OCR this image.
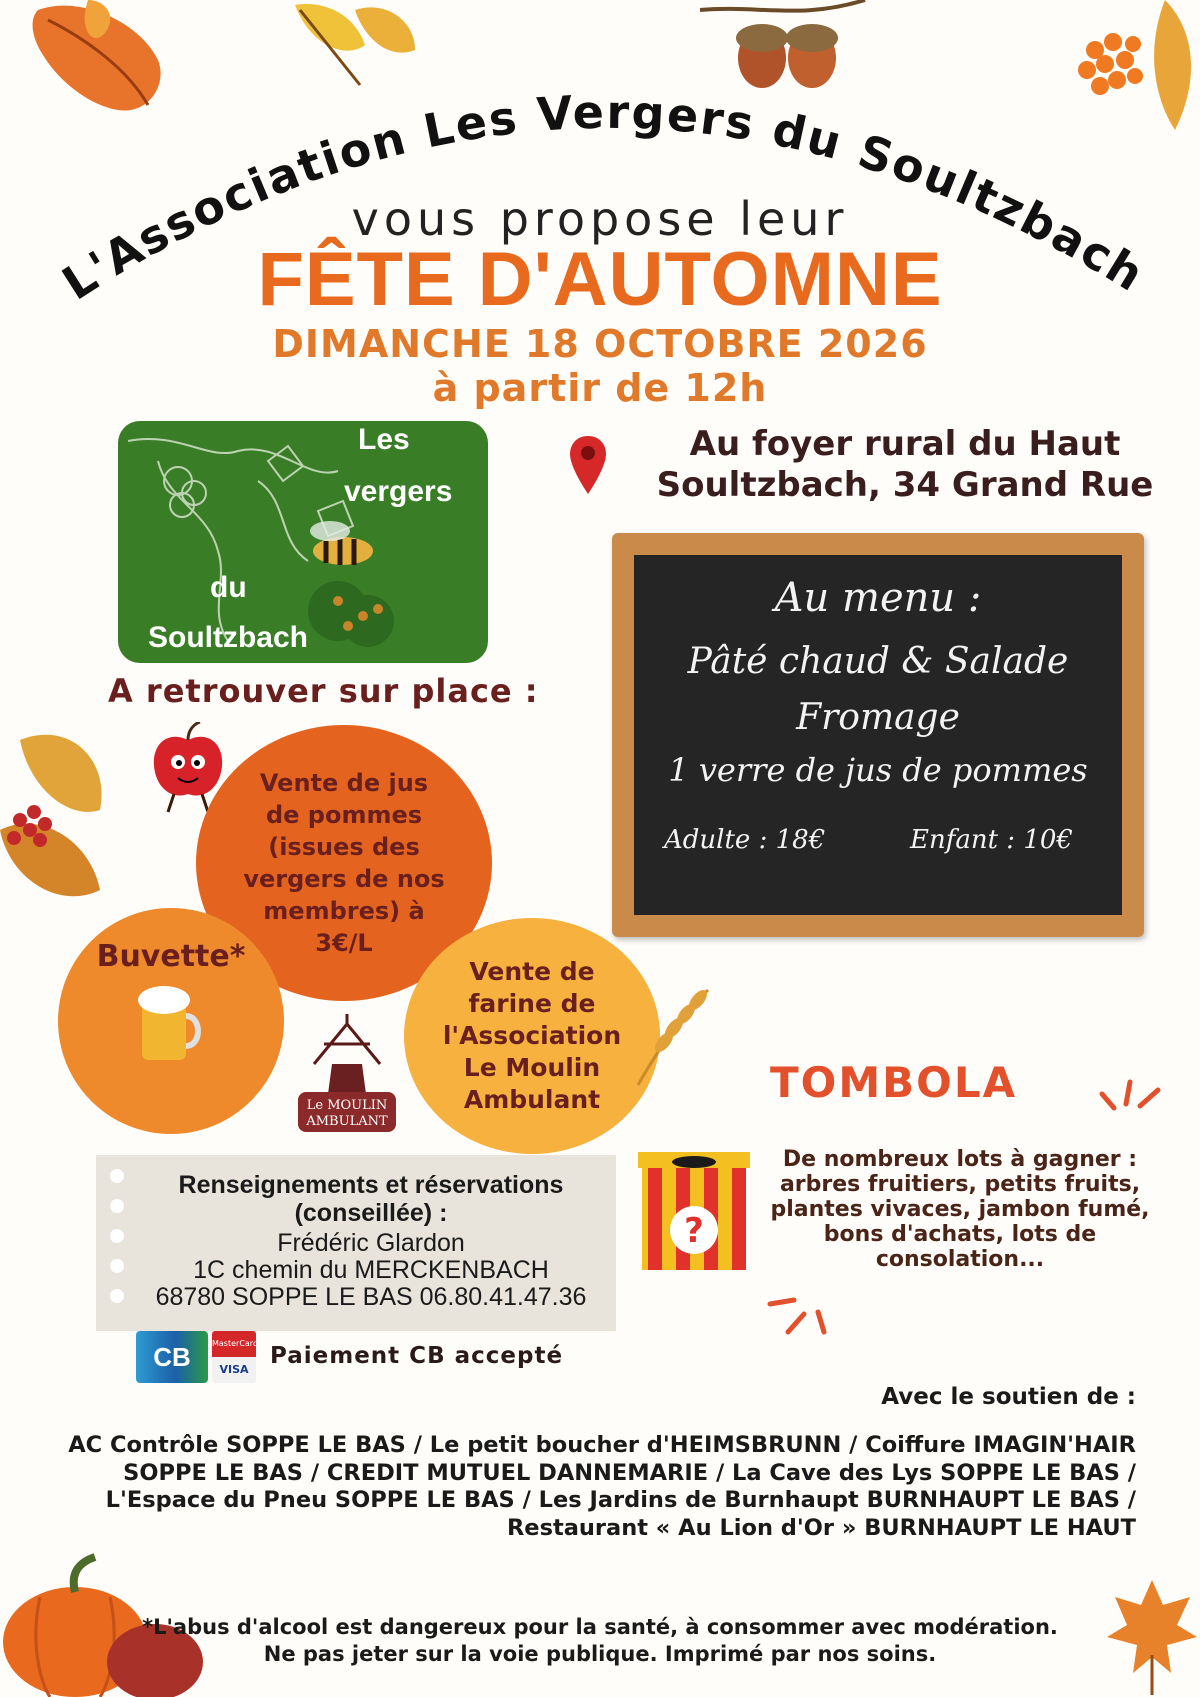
L'Association Les Vergers du Soultzbach
vous propose leur
FÊTE D'AUTOMNE
DIMANCHE 18 OCTOBRE 2026
à partir de 12h
Les
vergers
du
Soultzbach
Au foyer rural du Haut
Soultzbach, 34 Grand Rue
Au menu :
Pâté chaud & Salade
Fromage
1 verre de jus de pommes
Adulte : 18€	Enfant : 10€
A retrouver sur place :
Vente de jus
de pommes
(issues des
vergers de nos
membres) à
3€/L
Buvette*	Vente de
farine de
l'Association
Le Moulin
Ambulant
Le MOULIN
AMBULANT
Renseignements et réservations
(conseillée) :
Frédéric Glardon
1C chemin du MERCKENBACH
68780 SOPPE LE BAS 06.80.41.47.36
CB	MasterCard
VISA
Paiement CB accepté
TOMBOLA
?
De nombreux lots à gagner :
arbres fruitiers, petits fruits,
plantes vivaces, jambon fumé,
bons d'achats, lots de
consolation...
Avec le soutien de :
AC Contrôle SOPPE LE BAS / Le petit boucher d'HEIMSBRUNN / Coiffure IMAGIN'HAIR
SOPPE LE BAS / CREDIT MUTUEL DANNEMARIE / La Cave des Lys SOPPE LE BAS /
L'Espace du Pneu SOPPE LE BAS / Les Jardins de Burnhaupt BURNHAUPT LE BAS /
Restaurant « Au Lion d'Or » BURNHAUPT LE HAUT
*L'abus d'alcool est dangereux pour la santé, à consommer avec modération.
Ne pas jeter sur la voie publique. Imprimé par nos soins.
